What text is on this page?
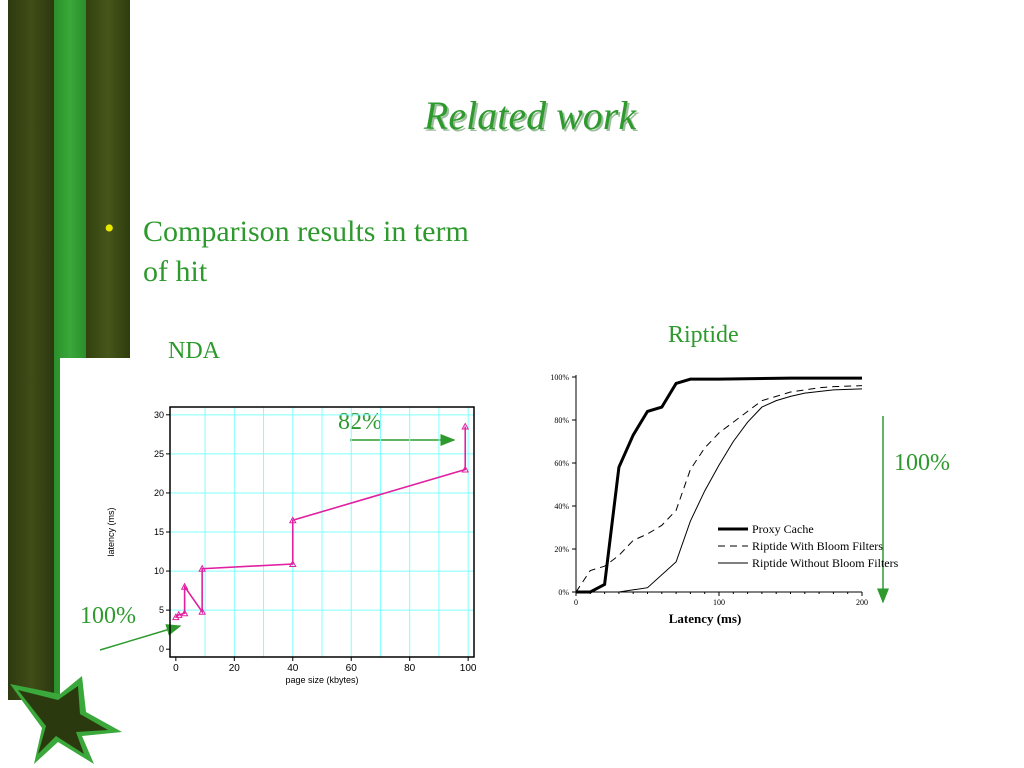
Related work
• Comparison results in term of hit
NDA
Riptide
82%
100%
100%
0	20	40	60	80	100
0
5
10
15
20
25
30
page size (kbytes)
latency (ms)
0%
20%
40%
60%
80%
100%
0	100	200
Latency (ms)
Proxy Cache
Riptide With Bloom Filters
Riptide Without Bloom Filters
